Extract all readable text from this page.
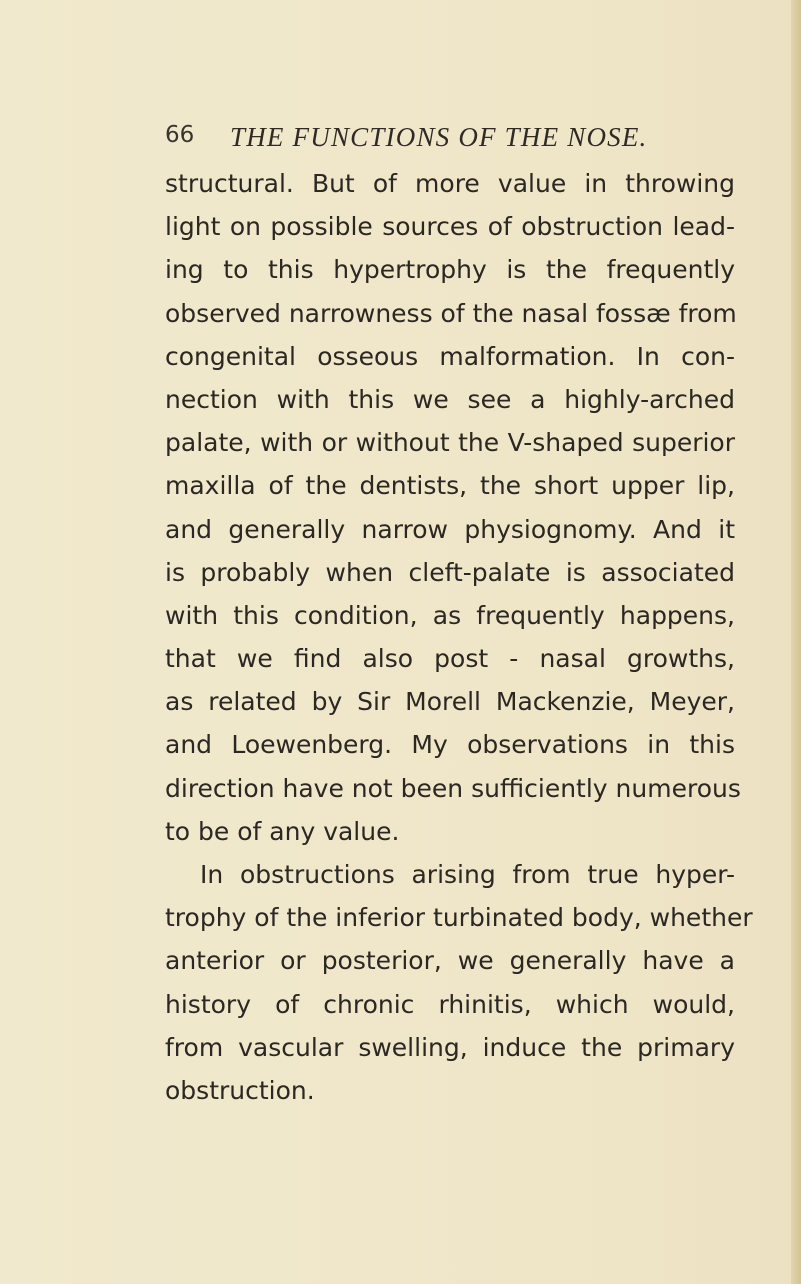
66 THE FUNCTIONS OF THE NOSE.
structural. But of more value in throwing
light on possible sources of obstruction lead-
ing to this hypertrophy is the frequently
observed narrowness of the nasal fossæ from
congenital osseous malformation. In con-
nection with this we see a highly-arched
palate, with or without the V-shaped superior
maxilla of the dentists, the short upper lip,
and generally narrow physiognomy. And it
is probably when cleft-palate is associated
with this condition, as frequently happens,
that we find also post - nasal growths,
as related by Sir Morell Mackenzie, Meyer,
and Loewenberg. My observations in this
direction have not been sufficiently numerous
to be of any value.
In obstructions arising from true hyper-
trophy of the inferior turbinated body, whether
anterior or posterior, we generally have a
history of chronic rhinitis, which would,
from vascular swelling, induce the primary
obstruction.
